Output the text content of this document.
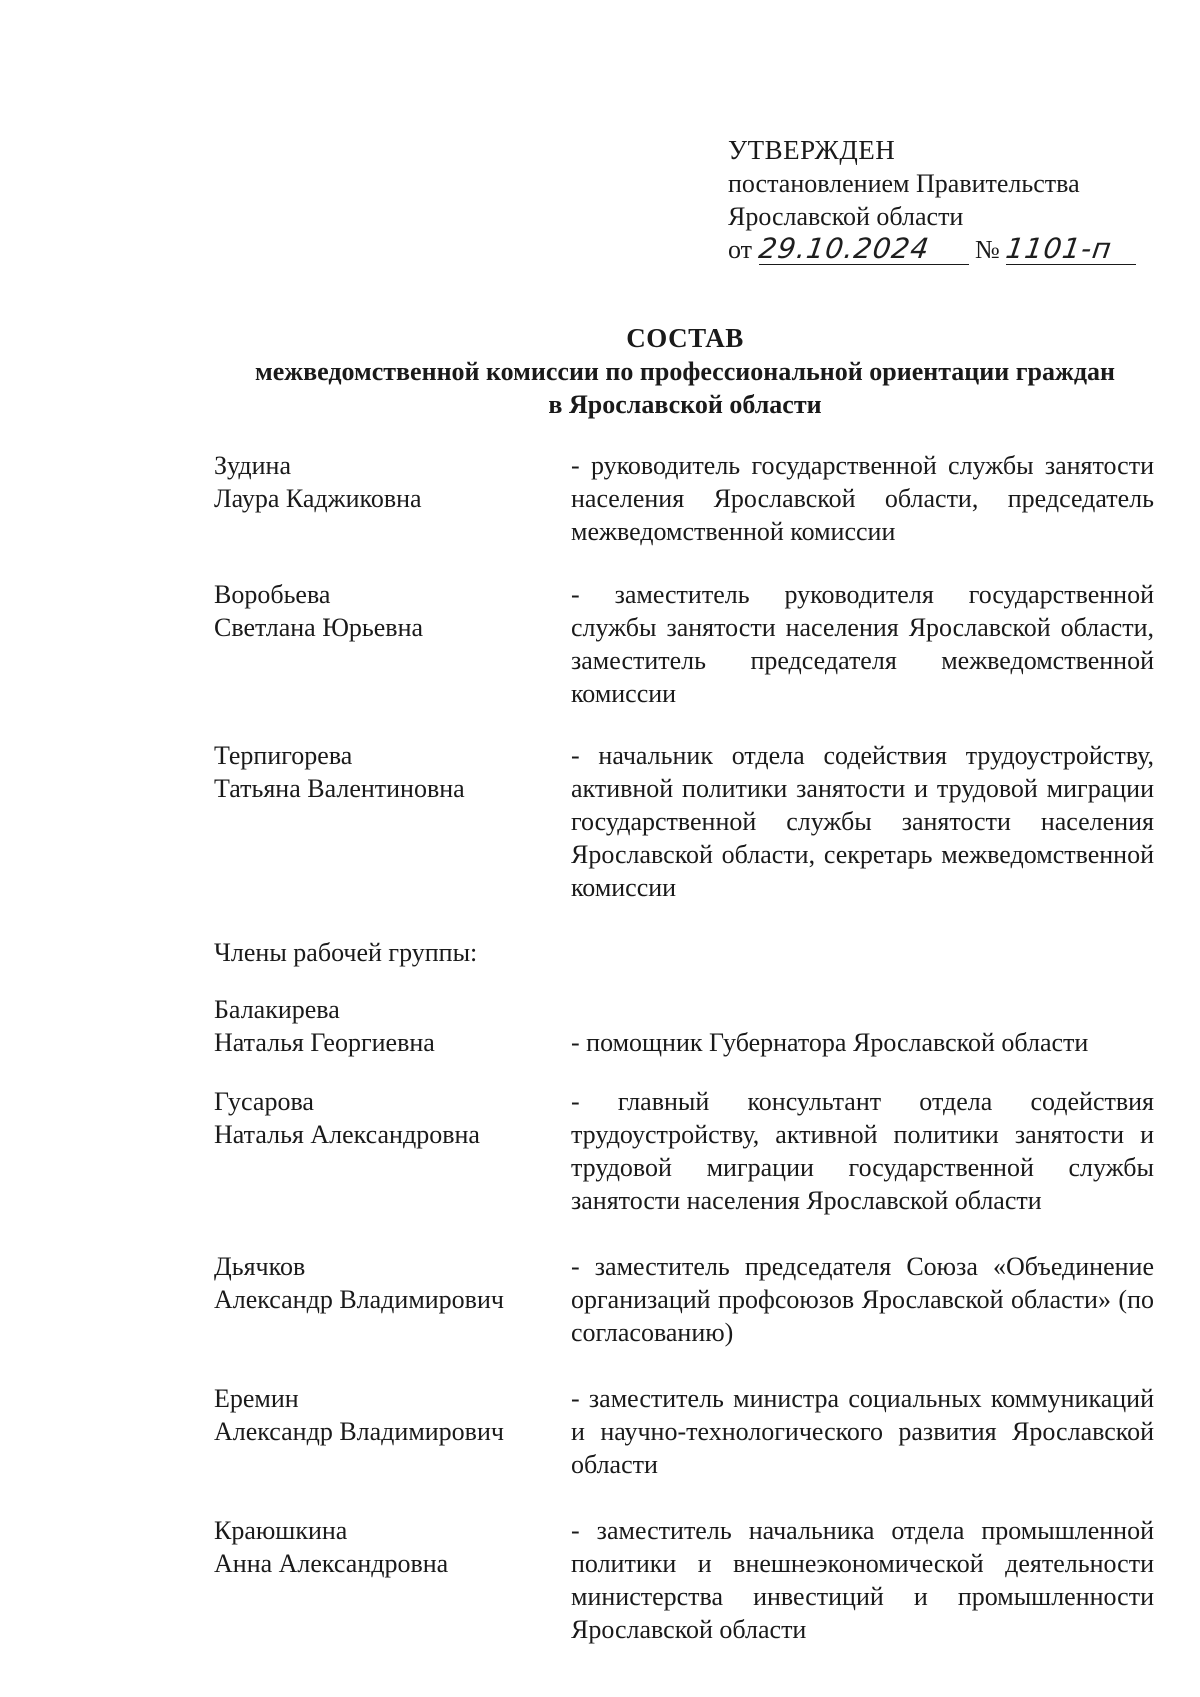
УТВЕРЖДЕН
постановлением Правительства
Ярославской области
от 29.10.2024 № 1101-п
СОСТАВ
межведомственной комиссии по профессиональной ориентации граждан
в Ярославской области
Зудина
Лаура Каджиковна
- руководитель государственной службы занятости населения Ярославской области, председатель межведомственной комиссии
Воробьева
Светлана Юрьевна
- заместитель руководителя государственной службы занятости населения Ярославской области, заместитель председателя межведомственной комиссии
Терпигорева
Татьяна Валентиновна
- начальник отдела содействия трудоустройству, активной политики занятости и трудовой миграции государственной службы занятости населения Ярославской области, секретарь межведомственной комиссии
Члены рабочей группы:
Балакирева
Наталья Георгиевна	- помощник Губернатора Ярославской области
Гусарова
Наталья Александровна
- главный консультант отдела содействия трудоустройству, активной политики занятости и трудовой миграции государственной службы занятости населения Ярославской области
Дьячков
Александр Владимирович
- заместитель председателя Союза «Объединение организаций профсоюзов Ярославской области» (по согласованию)
Еремин
Александр Владимирович
- заместитель министра социальных коммуникаций и научно-технологического развития Ярославской области
Краюшкина
Анна Александровна
- заместитель начальника отдела промышленной политики и внешнеэкономической деятельности министерства инвестиций и промышленности Ярославской области
